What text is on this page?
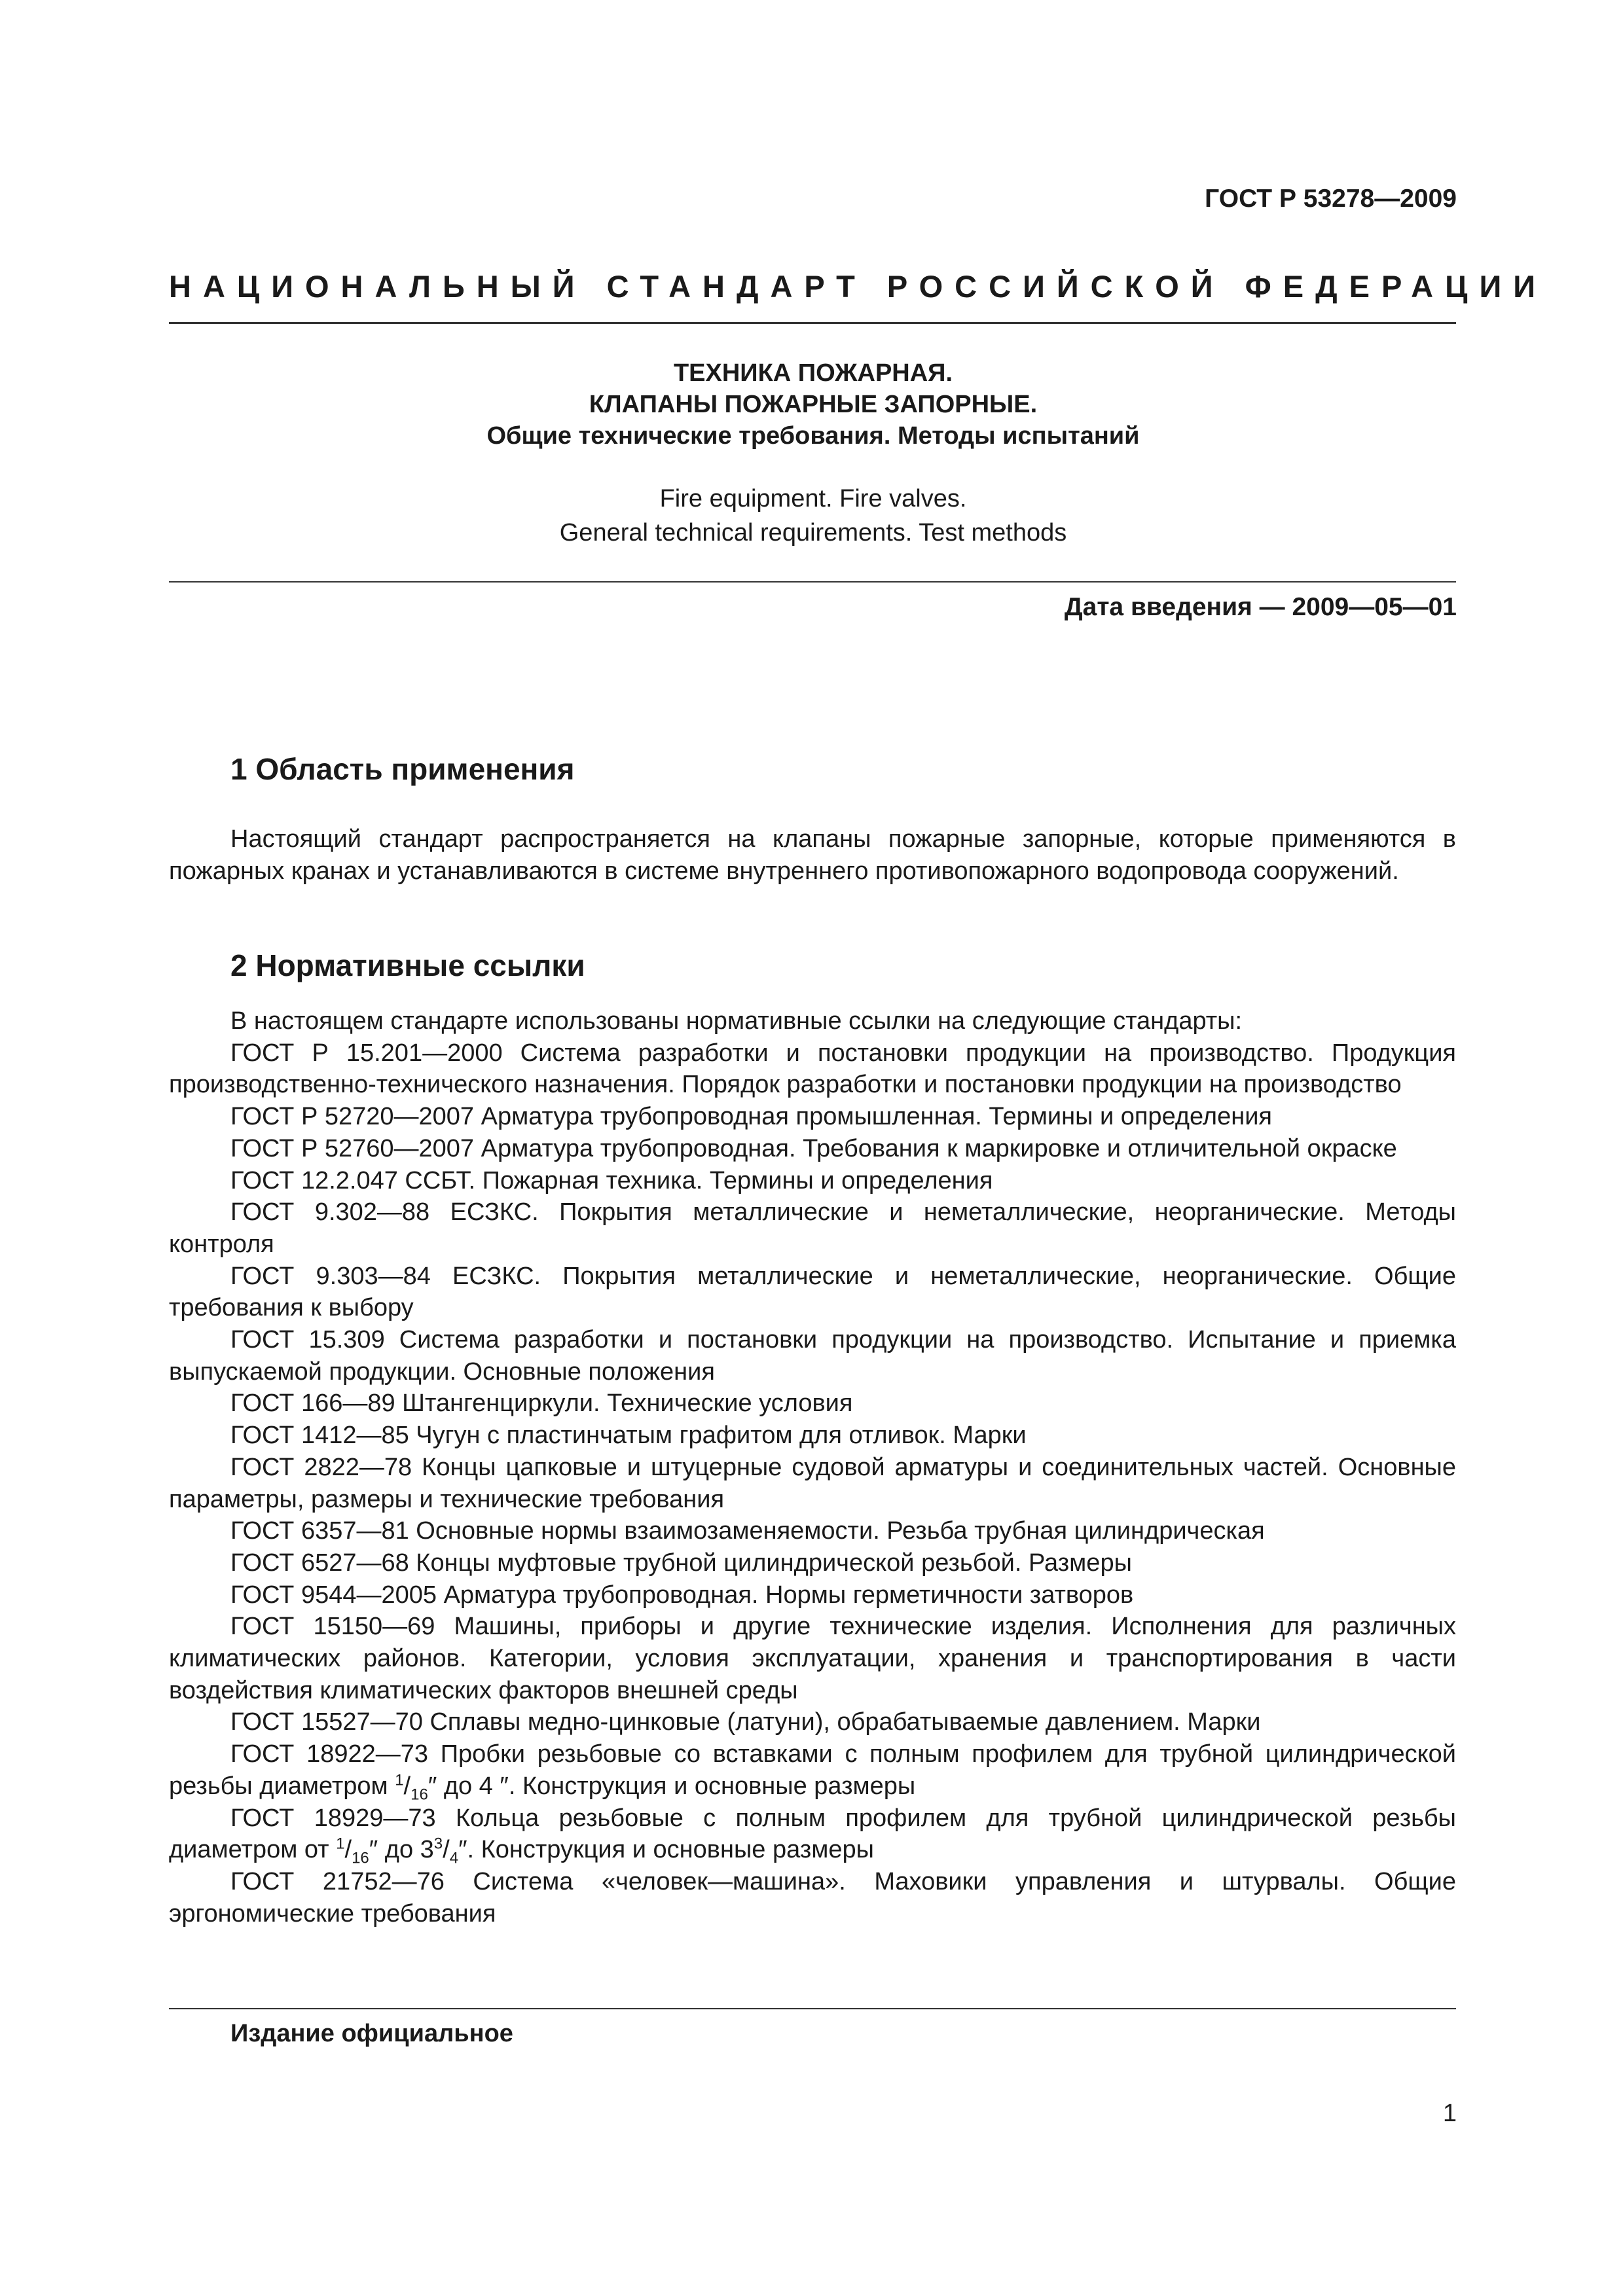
ГОСТ Р 53278—2009
НАЦИОНАЛЬНЫЙ СТАНДАРТ РОССИЙСКОЙ ФЕДЕРАЦИИ
ТЕХНИКА ПОЖАРНАЯ.
КЛАПАНЫ ПОЖАРНЫЕ ЗАПОРНЫЕ.
Общие технические требования. Методы испытаний
Fire equipment. Fire valves.
General technical requirements. Test methods
Дата введения — 2009—05—01
1 Область применения
Настоящий стандарт распространяется на клапаны пожарные запорные, которые применяются в пожарных кранах и устанавливаются в системе внутреннего противопожарного водопровода сооружений.
2 Нормативные ссылки

В настоящем стандарте использованы нормативные ссылки на следующие стандарты:

ГОСТ Р 15.201—2000 Система разработки и постановки продукции на производство. Продукция производственно-технического назначения. Порядок разработки и постановки продукции на производство

ГОСТ Р 52720—2007 Арматура трубопроводная промышленная. Термины и определения

ГОСТ Р 52760—2007 Арматура трубопроводная. Требования к маркировке и отличительной окраске

ГОСТ 12.2.047 ССБТ. Пожарная техника. Термины и определения

ГОСТ 9.302—88 ЕСЗКС. Покрытия металлические и неметаллические, неорганические. Методы контроля

ГОСТ 9.303—84 ЕСЗКС. Покрытия металлические и неметаллические, неорганические. Общие требования к выбору

ГОСТ 15.309 Система разработки и постановки продукции на производство. Испытание и приемка выпускаемой продукции. Основные положения

ГОСТ 166—89 Штангенциркули. Технические условия

ГОСТ 1412—85 Чугун с пластинчатым графитом для отливок. Марки

ГОСТ 2822—78 Концы цапковые и штуцерные судовой арматуры и соединительных частей. Основные параметры, размеры и технические требования

ГОСТ 6357—81 Основные нормы взаимозаменяемости. Резьба трубная цилиндрическая

ГОСТ 6527—68 Концы муфтовые трубной цилиндрической резьбой. Размеры

ГОСТ 9544—2005 Арматура трубопроводная. Нормы герметичности затворов

ГОСТ 15150—69 Машины, приборы и другие технические изделия. Исполнения для различных климатических районов. Категории, условия эксплуатации, хранения и транспортирования в части воздействия климатических факторов внешней среды

ГОСТ 15527—70 Сплавы медно-цинковые (латуни), обрабатываемые давлением. Марки

ГОСТ 18922—73 Пробки резьбовые со вставками с полным профилем для трубной цилиндрической резьбы диаметром $^1/_{16}''$ до 4 ″. Конструкция и основные размеры

ГОСТ 18929—73 Кольца резьбовые с полным профилем для трубной цилиндрической резьбы диаметром от $^1/_{16}''$ до $3^3/_4''$. Конструкция и основные размеры

ГОСТ 21752—76 Система «человек—машина». Маховики управления и штурвалы. Общие эргономические требования

Издание официальное
1
